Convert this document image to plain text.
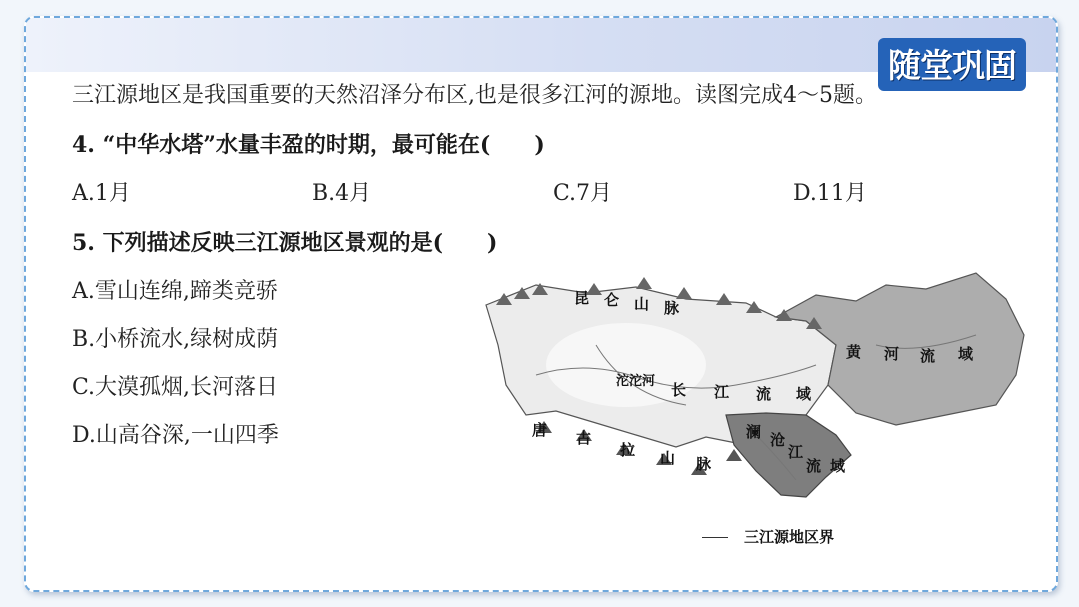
随堂巩固
三江源地区是我国重要的天然沼泽分布区,也是很多江河的源地。读图完成4～5题。
4. “中华水塔”水量丰盈的时期，最可能在(　　)
A.1月	B.4月	C.7月	D.11月
5. 下列描述反映三江源地区景观的是(　　)
A.雪山连绵,蹄类竞骄
B.小桥流水,绿树成荫
C.大漠孤烟,长河落日
D.山高谷深,一山四季
昆 仑 山 脉
唐 古
拉 山 脉
长 江 流 域
黄 河 流 域
澜 沧
江
流 域
沱沱河
三江源地区界
